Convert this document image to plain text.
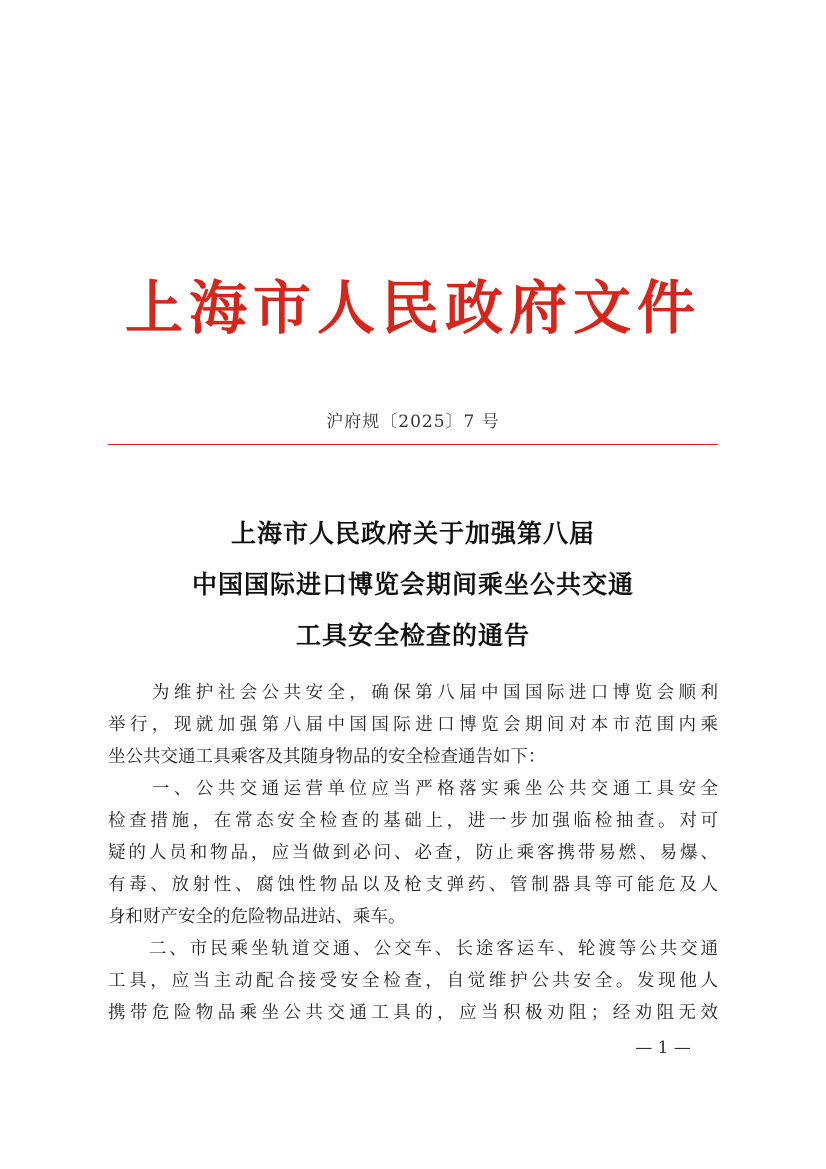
上海市人民政府文件
沪府规〔2025〕7 号
上海市人民政府关于加强第八届
中国国际进口博览会期间乘坐公共交通
工具安全检查的通告
　　为维护社会公共安全，确保第八届中国国际进口博览会顺利
举行，现就加强第八届中国国际进口博览会期间对本市范围内乘
坐公共交通工具乘客及其随身物品的安全检查通告如下：
　　一、公共交通运营单位应当严格落实乘坐公共交通工具安全
检查措施，在常态安全检查的基础上，进一步加强临检抽查。对可
疑的人员和物品，应当做到必问、必查，防止乘客携带易燃、易爆、
有毒、放射性、腐蚀性物品以及枪支弹药、管制器具等可能危及人
身和财产安全的危险物品进站、乘车。
　　二、市民乘坐轨道交通、公交车、长途客运车、轮渡等公共交通
工具，应当主动配合接受安全检查，自觉维护公共安全。发现他人
携带危险物品乘坐公共交通工具的，应当积极劝阻；经劝阻无效
— 1 —
